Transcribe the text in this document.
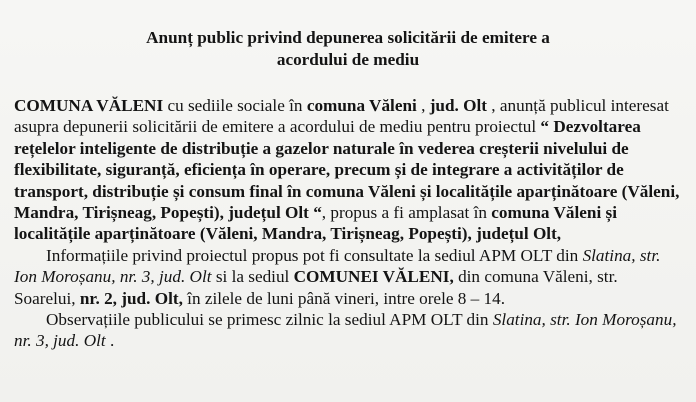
Anunț public privind depunerea solicitării de emitere a
acordului de mediu

COMUNA VĂLENI cu sediile sociale în comuna Văleni , jud. Olt , anunță publicul interesat asupra depunerii solicitării de emitere a acordului de mediu pentru proiectul “ Dezvoltarea rețelelor inteligente de distribuție a gazelor naturale în vederea creșterii nivelului de flexibilitate, siguranță, eficiența în operare, precum și de integrare a activităților de transport, distribuție și consum final în comuna Văleni și localitățile aparținătoare (Văleni, Mandra, Tirișneag, Popești), județul Olt “, propus a fi amplasat în comuna Văleni și localitățile aparținătoare (Văleni, Mandra, Tirișneag, Popești), județul Olt,

Informațiile privind proiectul propus pot fi consultate la sediul APM OLT din Slatina, str. Ion Moroșanu, nr. 3, jud. Olt si la sediul COMUNEI VĂLENI, din comuna Văleni, str. Soarelui, nr. 2, jud. Olt, în zilele de luni până vineri, intre orele 8 – 14.

Observațiile publicului se primesc zilnic la sediul APM OLT din Slatina, str. Ion Moroșanu, nr. 3, jud. Olt .
